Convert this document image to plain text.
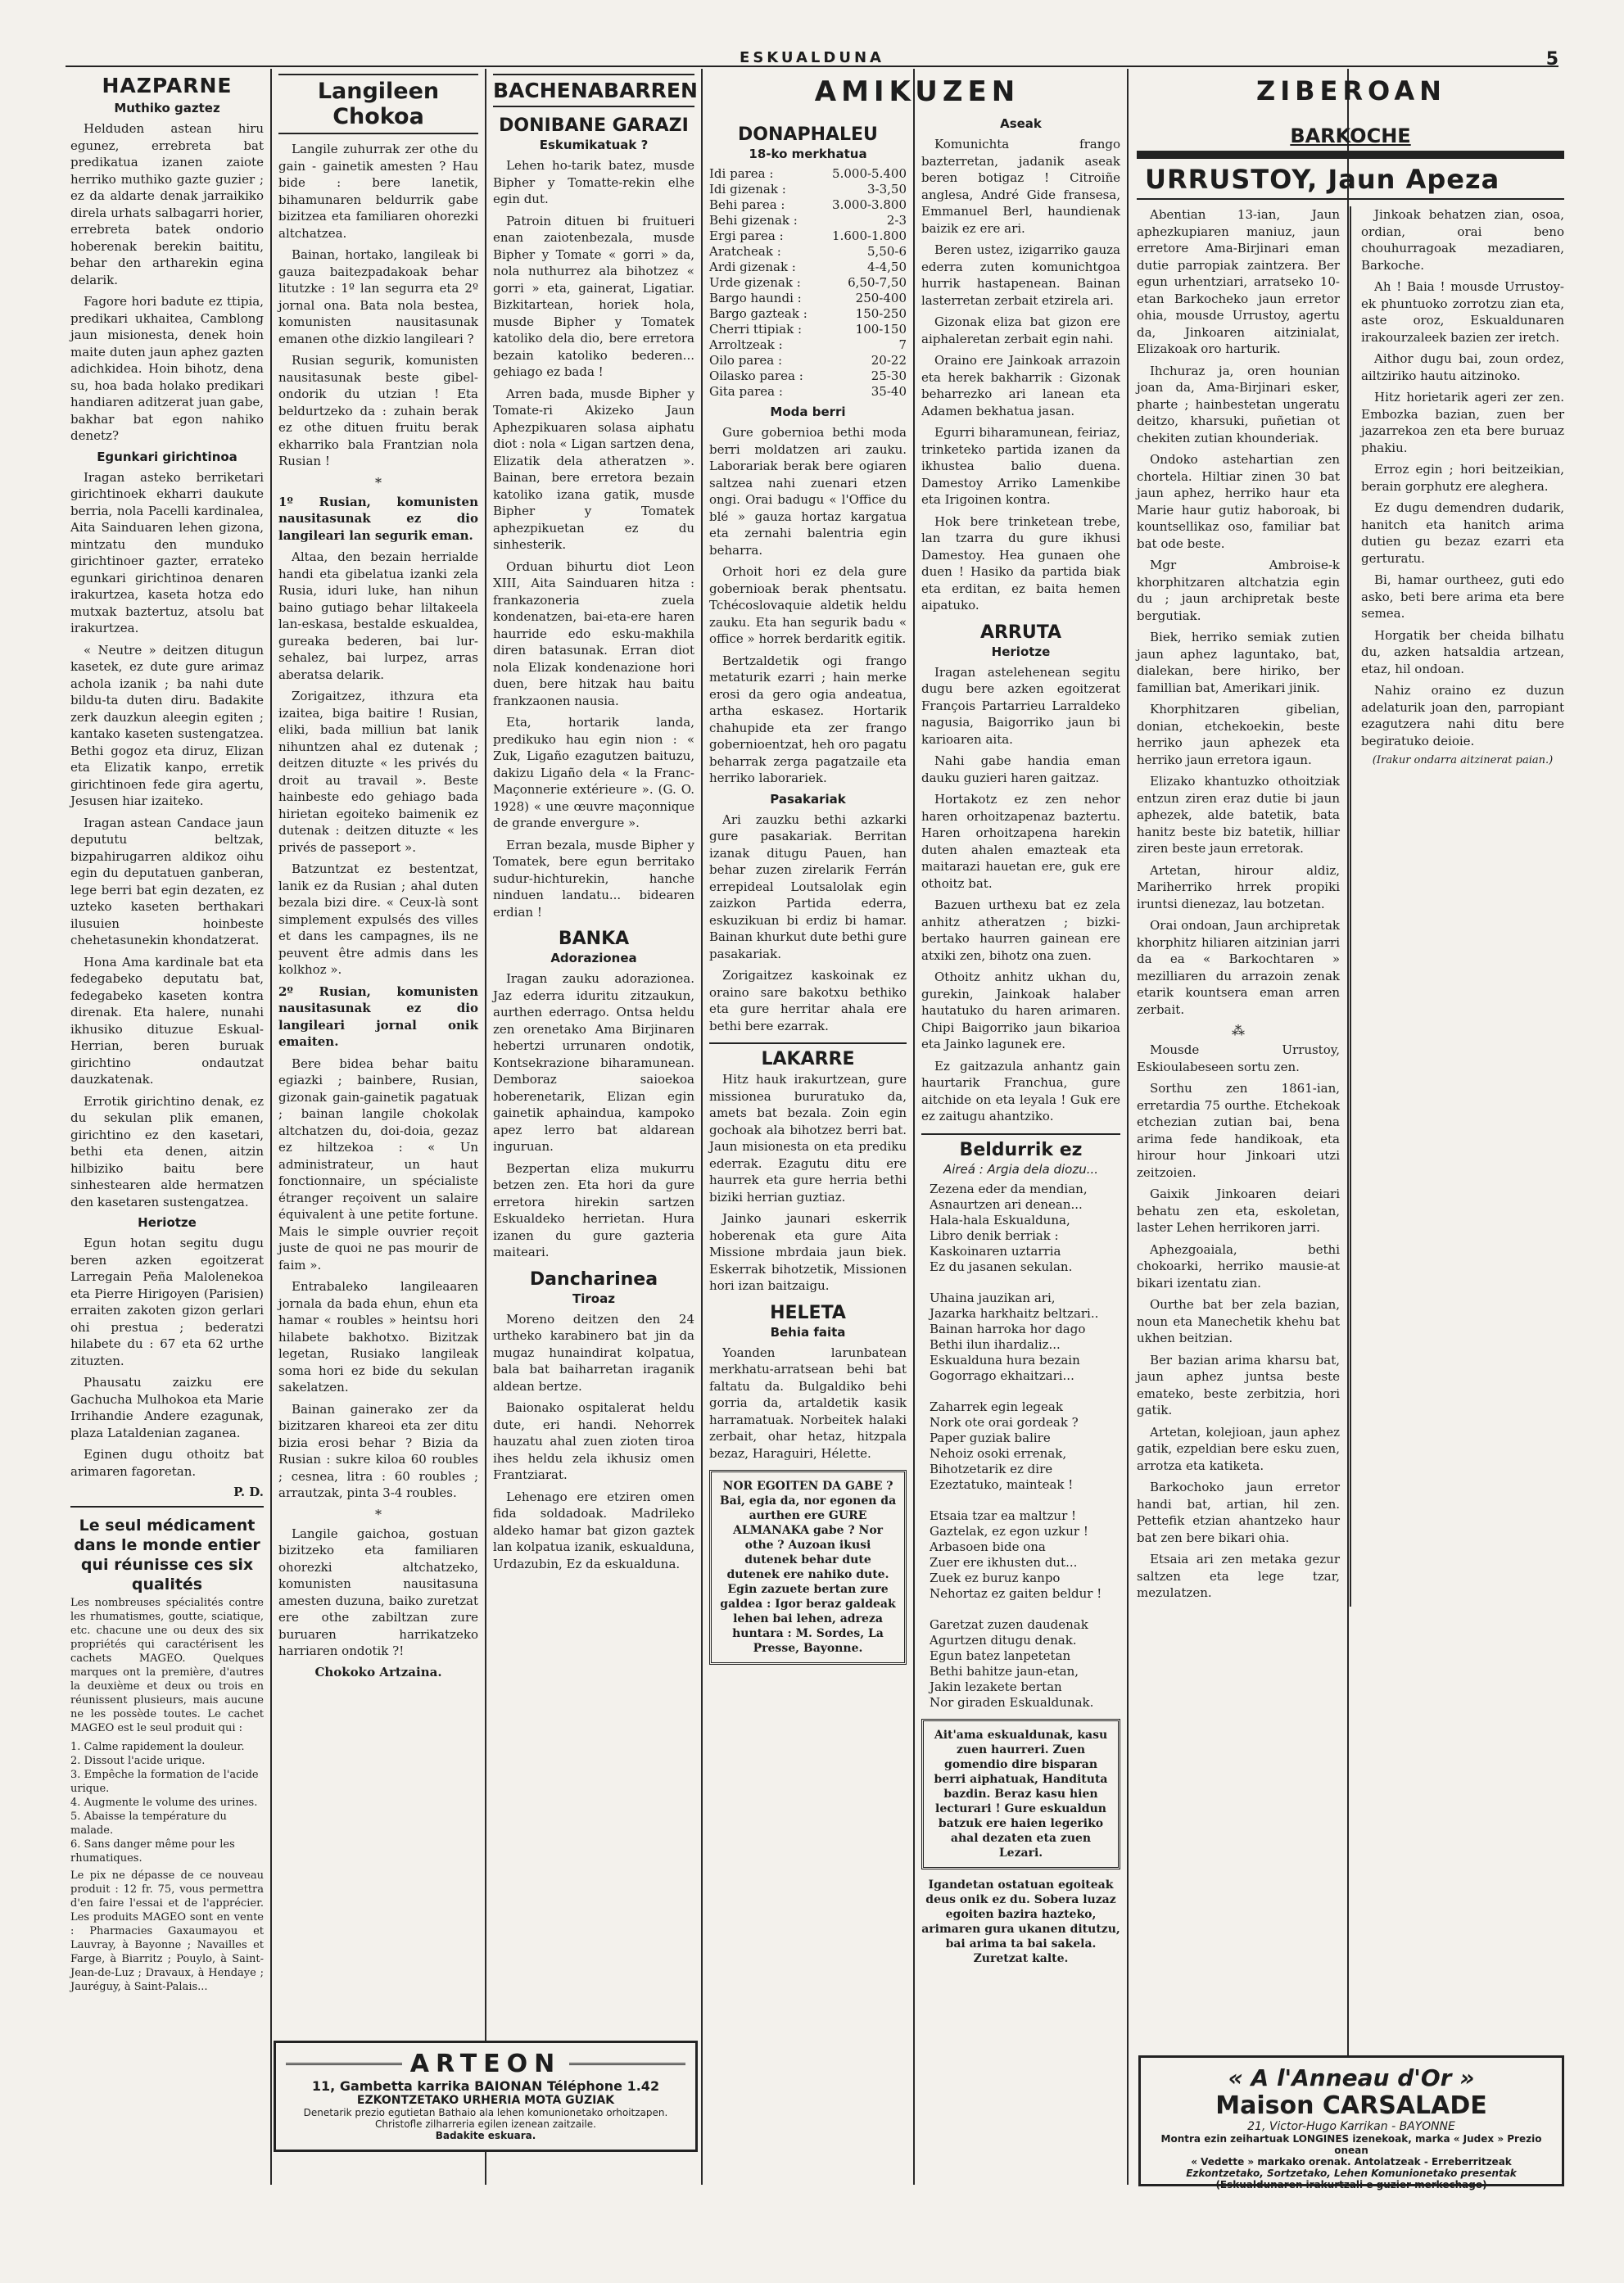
ESKUALDUNA	5
AMIKUZEN	ZIBEROAN
HAZPARNE
Muthiko gaztez

Helduden astean hiru egunez, errebreta bat predikatua izanen zaiote herriko muthiko gazte guzier ; ez da aldarte denak jarraikiko direla urhats salbagarri horier, errebreta batek ondorio hoberenak berekin baititu, behar den artharekin egina delarik.

Fagore hori badute ez ttipia, predikari ukhaitea, Camblong jaun misionesta, denek hoin maite duten jaun aphez gazten adichkidea. Hoin bihotz, dena su, hoa bada holako predikari handiaren aditzerat juan gabe, bakhar bat egon nahiko denetz?

Egunkari girichtinoa

Iragan asteko berriketari girichtinoek ekharri daukute berria, nola Pacelli kardinalea, Aita Sainduaren lehen gizona, mintzatu den munduko girichtinoer gazter, errateko egunkari girichtinoa denaren irakurtzea, kaseta hotza edo mutxak baztertuz, atsolu bat irakurtzea.

« Neutre » deitzen ditugun kasetek, ez dute gure arimaz achola izanik ; ba nahi dute bildu-ta duten diru. Badakite zerk dauzkun aleegin egiten ; kantako kaseten sustengatzea. Bethi gogoz eta diruz, Elizan eta Elizatik kanpo, erretik girichtinoen fede gira agertu, Jesusen hiar izaiteko.

Iragan astean Candace jaun depututu beltzak, bizpahirugarren aldikoz oihu egin du deputatuen ganberan, lege berri bat egin dezaten, ez uzteko kaseten berthakari ilusuien hoinbeste chehetasunekin khondatzerat.

Hona Ama kardinale bat eta fedegabeko deputatu bat, fedegabeko kaseten kontra direnak. Eta halere, nunahi ikhusiko dituzue Eskual-Herrian, beren buruak girichtino ondautzat dauzkatenak.

Errotik girichtino denak, ez du sekulan plik emanen, girichtino ez den kasetari, bethi eta denen, aitzin hilbiziko baitu bere sinhestearen alde hermatzen den kasetaren sustengatzea.

Heriotze

Egun hotan segitu dugu beren azken egoitzerat Larregain Peña Malolenekoa eta Pierre Hirigoyen (Parisien) erraiten zakoten gizon gerlari ohi prestua ; bederatzi hilabete du : 67 eta 62 urthe zituzten.

Phausatu zaizku ere Gachucha Mulhokoa eta Marie Irrihandie Andere ezagunak, plaza Lataldenian zaganea.

Eginen dugu othoitz bat arimaren fagoretan.

P. D.
Le seul médicament dans le monde entier qui réunisse ces six qualités

Les nombreuses spécialités contre les rhumatismes, goutte, sciatique, etc. chacune une ou deux des six propriétés qui caractérisent les cachets MAGEO. Quelques marques ont la première, d'autres la deuxième et deux ou trois en réunissent plusieurs, mais aucune ne les possède toutes. Le cachet MAGEO est le seul produit qui :

1. Calme rapidement la douleur.
2. Dissout l'acide urique.
3. Empêche la formation de l'acide urique.
4. Augmente le volume des urines.
5. Abaisse la température du malade.
6. Sans danger même pour les rhumatiques.

Le pix ne dépasse de ce nouveau produit : 12 fr. 75, vous permettra d'en faire l'essai et de l'apprécier. Les produits MAGEO sont en vente : Pharmacies Gaxaumayou et Lauvray, à Bayonne ; Navailles et Farge, à Biarritz ; Pouylo, à Saint-Jean-de-Luz ; Dravaux, à Hendaye ; Jauréguy, à Saint-Palais...

Langileen Chokoa

Langile zuhurrak zer othe du gain - gainetik amesten ? Hau bide : bere lanetik, bihamunaren beldurrik gabe bizitzea eta familiaren ohorezki altchatzea.

Bainan, hortako, langileak bi gauza baitezpadakoak behar litutzke : 1º lan segurra eta 2º jornal ona. Bata nola bestea, komunisten nausitasunak emanen othe dizkio langileari ?

Rusian segurik, komunisten nausitasunak beste gibel-ondorik du utzian ! Eta beldurtzeko da : zuhain berak ez othe dituen fruitu berak ekharriko bala Frantzian nola Rusian !

*

1º Rusian, komunisten nausitasunak ez dio langileari lan segurik eman.

Altaa, den bezain herrialde handi eta gibelatua izanki zela Rusia, iduri luke, han nihun baino gutiago behar liltakeela lan-eskasa, bestalde eskualdea, gureaka bederen, bai lur-sehalez, bai lurpez, arras aberatsa delarik.

Zorigaitzez, ithzura eta izaitea, biga baitire ! Rusian, eliki, bada milliun bat lanik nihuntzen ahal ez dutenak ; deitzen dituzte « les privés du droit au travail ». Beste hainbeste edo gehiago bada hirietan egoiteko baimenik ez dutenak : deitzen dituzte « les privés de passeport ».

Batzuntzat ez bestentzat, lanik ez da Rusian ; ahal duten bezala bizi dire. « Ceux-là sont simplement expulsés des villes et dans les campagnes, ils ne peuvent être admis dans les kolkhoz ».

2º Rusian, komunisten nausitasunak ez dio langileari jornal onik emaiten.

Bere bidea behar baitu egiazki ; bainbere, Rusian, gizonak gain-gainetik pagatuak ; bainan langile chokolak altchatzen du, doi-doia, gezaz ez hiltzekoa : « Un administrateur, un haut fonctionnaire, un spécialiste étranger reçoivent un salaire équivalent à une petite fortune. Mais le simple ouvrier reçoit juste de quoi ne pas mourir de faim ».

Entrabaleko langileaaren jornala da bada ehun, ehun eta hamar « roubles » heintsu hori hilabete bakhotxo. Bizitzak legetan, Rusiako langileak soma hori ez bide du sekulan sakelatzen.

Bainan gainerako zer da bizitzaren khareoi eta zer ditu bizia erosi behar ? Bizia da Rusian : sukre kiloa 60 roubles ; cesnea, litra : 60 roubles ; arrautzak, pinta 3-4 roubles.

*

Langile gaichoa, gostuan bizitzeko eta familiaren ohorezki altchatzeko, komunisten nausitasuna amesten duzuna, baiko zuretzat ere othe zabiltzan zure buruaren harrikatzeko harriaren ondotik ?!

Chokoko Artzaina.
BACHENABARREN
DONIBANE GARAZI
Eskumikatuak ?

Lehen ho-tarik batez, musde Bipher y Tomatte-rekin elhe egin dut.

Patroin dituen bi fruitueri enan zaiotenbezala, musde Bipher y Tomate « gorri » da, nola nuthurrez ala bihotzez « gorri » eta, gainerat, Ligatiar. Bizkitartean, horiek hola, musde Bipher y Tomatek katoliko dela dio, bere erretora bezain katoliko bederen... gehiago ez bada !

Arren bada, musde Bipher y Tomate-ri Akizeko Jaun Aphezpikuaren solasa aiphatu diot : nola « Ligan sartzen dena, Elizatik dela atheratzen ». Bainan, bere erretora bezain katoliko izana gatik, musde Bipher y Tomatek aphezpikuetan ez du sinhesterik.

Orduan bihurtu diot Leon XIII, Aita Sainduaren hitza : frankazoneria zuela kondenatzen, bai-eta-ere haren haurride edo esku-makhila diren batasunak. Erran diot nola Elizak kondenazione hori duen, bere hitzak hau baitu frankzaonen nausia.

Eta, hortarik landa, predikuko hau egin nion : « Zuk, Ligaño ezagutzen baituzu, dakizu Ligaño dela « la Franc-Maçonnerie extérieure ». (G. O. 1928) « une œuvre maçonnique de grande envergure ».

Erran bezala, musde Bipher y Tomatek, bere egun berritako sudur-hichturekin, hanche ninduen landatu... bidearen erdian !

BANKA
Adorazionea

Iragan zauku adorazionea. Jaz ederra iduritu zitzaukun, aurthen ederrago. Ontsa heldu zen orenetako Ama Birjinaren hebertzi urrunaren ondotik, Kontsekrazione biharamunean. Demboraz saioekoa hoberenetarik, Elizan egin gainetik aphaindua, kampoko apez lerro bat aldarean inguruan.

Bezpertan eliza mukurru betzen zen. Eta hori da gure erretora hirekin sartzen Eskualdeko herrietan. Hura izanen du gure gazteria maiteari.

Dancharinea
Tiroaz

Moreno deitzen den 24 urtheko karabinero bat jin da mugaz hunaindirat kolpatua, bala bat baiharretan iraganik aldean bertze.

Baionako ospitalerat heldu dute, eri handi. Nehorrek hauzatu ahal zuen zioten tiroa ihes heldu zela ikhusiz omen Frantziarat.

Lehenago ere etziren omen fida soldadoak. Madrileko aldeko hamar bat gizon gaztek lan kolpatua izanik, eskualduna, Urdazubin, Ez da eskualduna.

ARTEON
11, Gambetta karrika BAIONAN Téléphone 1.42
EZKONTZETAKO URHERIA MOTA GUZIAK
Denetarik prezio egutietan Bathaio ala lehen komunionetako orhoitzapen.
Christofle zilharreria egilen izenean zaitzaile.
Badakite eskuara.
DONAPHALEU
18-ko merkhatua
Idi parea :	5.000-5.400
Idi gizenak :	3-3,50
Behi parea :	3.000-3.800
Behi gizenak :	2-3
Ergi parea :	1.600-1.800
Aratcheak :	5,50-6
Ardi gizenak :	4-4,50
Urde gizenak :	6,50-7,50
Bargo haundi :	250-400
Bargo gazteak :	150-250
Cherri ttipiak :	100-150
Arroltzeak :	7
Oilo parea :	20-22
Oilasko parea :	25-30
Gita parea :	35-40
Moda berri

Gure gobernioa bethi moda berri moldatzen ari zauku. Laborariak berak bere ogiaren saltzea nahi zuenari etzen ongi. Orai badugu « l'Office du blé » gauza hortaz kargatua eta zernahi balentria egin beharra.

Orhoit hori ez dela gure gobernioak berak phentsatu. Tchécoslovaquie aldetik heldu zauku. Eta han segurik badu « office » horrek berdaritk egitik.

Bertzaldetik ogi frango metaturik ezarri ; hain merke erosi da gero ogia andeatua, artha eskasez. Hortarik chahupide eta zer frango gobernioentzat, heh oro pagatu beharrak zerga pagatzaile eta herriko laborariek.

Pasakariak

Ari zauzku bethi azkarki gure pasakariak. Berritan izanak ditugu Pauen, han behar zuzen zirelarik Ferrán errepideal Loutsalolak egin zaizkon Partida ederra, eskuzikuan bi erdiz bi hamar. Bainan khurkut dute bethi gure pasakariak.

Zorigaitzez kaskoinak ez oraino sare bakotxu bethiko eta gure herritar ahala ere bethi bere ezarrak.

LAKARRE

Hitz hauk irakurtzean, gure missionea bururatuko da, amets bat bezala. Zoin egin gochoak ala bihotzez berri bat. Jaun misionesta on eta prediku ederrak. Ezagutu ditu ere haurrek eta gure herria bethi biziki herrian guztiaz.

Jainko jaunari eskerrik hoberenak eta gure Aita Missione mbrdaia jaun biek. Eskerrak bihotzetik, Missionen hori izan baitzaigu.

HELETA
Behia faita

Yoanden larunbatean merkhatu-arratsean behi bat faltatu da. Bulgaldiko behi gorria da, artaldetik kasik harramatuak. Norbeitek halaki zerbait, ohar hetaz, hitzpala bezaz, Haraguiri, Hélette.

NOR EGOITEN DA GABE ? Bai, egia da, nor egonen da aurthen ere GURE ALMANAKA gabe ? Nor othe ? Auzoan ikusi dutenek behar dute dutenek ere nahiko dute. Egin zazuete bertan zure galdea : Igor beraz galdeak lehen bai lehen, adreza huntara : M. Sordes, La Presse, Bayonne.
Aseak

Komunichta frango bazterretan, jadanik aseak beren botigaz ! Citroiñe anglesa, André Gide fransesa, Emmanuel Berl, haundienak baizik ez ere ari.

Beren ustez, izigarriko gauza ederra zuten komunichtgoa hurrik hastapenean. Bainan lasterretan zerbait etzirela ari.

Gizonak eliza bat gizon ere aiphaleretan zerbait egin nahi.

Oraino ere Jainkoak arrazoin eta herek bakharrik : Gizonak beharrezko ari lanean eta Adamen bekhatua jasan.

Egurri biharamunean, feiriaz, trinketeko partida izanen da ikhustea balio duena. Damestoy Arriko Lamenkibe eta Irigoinen kontra.

Hok bere trinketean trebe, lan tzarra du gure ikhusi Damestoy. Hea gunaen ohe duen ! Hasiko da partida biak eta erditan, ez baita hemen aipatuko.

ARRUTA
Heriotze

Iragan astelehenean segitu dugu bere azken egoitzerat François Partarrieu Larraldeko nagusia, Baigorriko jaun bi karioaren aita.

Nahi gabe handia eman dauku guzieri haren gaitzaz.

Hortakotz ez zen nehor haren orhoitzapenaz baztertu. Haren orhoitzapena harekin duten ahalen emazteak eta maitarazi hauetan ere, guk ere othoitz bat.

Bazuen urthexu bat ez zela anhitz atheratzen ; bizki-bertako haurren gainean ere atxiki zen, bihotz ona zuen.

Othoitz anhitz ukhan du, gurekin, Jainkoak halaber hautatuko du haren arimaren. Chipi Baigorriko jaun bikarioa eta Jainko lagunek ere.

Ez gaitzazula anhantz gain haurtarik Franchua, gure aitchide on eta leyala ! Guk ere ez zaitugu ahantziko.

Beldurrik ez
Aireá : Argia dela diozu...
Zezena eder da mendian,
Asnaurtzen ari denean...
Hala-hala Eskualduna,
Libro denik berriak :
Kaskoinaren uztarria
Ez du jasanen sekulan.

Uhaina jauzikan ari,
Jazarka harkhaitz beltzari..
Bainan harroka hor dago
Bethi ilun ihardaliz...
Eskualduna hura bezain
Gogorrago ekhaitzari...

Zaharrek egin legeak
Nork ote orai gordeak ?
Paper guziak balire
Nehoiz osoki errenak,
Bihotzetarik ez dire
Ezeztatuko, mainteak !

Etsaia tzar ea maltzur !
Gaztelak, ez egon uzkur !
Arbasoen bide ona
Zuer ere ikhusten dut...
Zuek ez buruz kanpo
Nehortaz ez gaiten beldur !

Garetzat zuzen daudenak
Agurtzen ditugu denak.
Egun batez lanpetetan
Bethi bahitze jaun-etan,
Jakin lezakete bertan
Nor giraden Eskualdunak.
Ait'ama eskualdunak, kasu zuen haurreri. Zuen gomendio dire bisparan berri aiphatuak, Handituta bazdin. Beraz kasu hien lecturari ! Gure eskualdun batzuk ere haien legeriko ahal dezaten eta zuen Lezari.

Igandetan ostatuan egoiteak deus onik ez du. Sobera luzaz egoiten bazira hazteko, arimaren gura ukanen ditutzu, bai arima ta bai sakela. Zuretzat kalte.

BARKOCHE
URRUSTOY, Jaun Apeza

Abentian 13-ian, Jaun aphezkupiaren maniuz, jaun erretore Ama-Birjinari eman dutie parropiak zaintzera. Ber egun urhentziari, arratseko 10-etan Barkocheko jaun erretor ohia, mousde Urrustoy, agertu da, Jinkoaren aitzinialat, Elizakoak oro harturik.

Ihchuraz ja, oren hounian joan da, Ama-Birjinari esker, pharte ; hainbestetan ungeratu deitzo, kharsuki, puñetian ot chekiten zutian khounderiak.

Ondoko astehartian zen chortela. Hiltiar zinen 30 bat jaun aphez, herriko haur eta Marie haur gutiz haboroak, bi kountsellikaz oso, familiar bat bat ode beste.

Mgr Ambroise-k khorphitzaren altchatzia egin du ; jaun archipretak beste bergutiak.

Biek, herriko semiak zutien jaun aphez laguntako, bat, dialekan, bere hiriko, ber famillian bat, Amerikari jinik.

Khorphitzaren gibelian, donian, etchekoekin, beste herriko jaun aphezek eta herriko jaun erretora igaun.

Elizako khantuzko othoitziak entzun ziren eraz dutie bi jaun aphezek, alde batetik, bata hanitz beste biz batetik, hilliar ziren beste jaun erretorak.

Artetan, hirour aldiz, Mariherriko hrrek propiki iruntsi dienezaz, lau botzetan.

Orai ondoan, Jaun archipretak khorphitz hiliaren aitzinian jarri da ea « Barkochtaren » mezilliaren du arrazoin zenak etarik kountsera eman arren zerbait.

⁂

Mousde Urrustoy, Eskioulabeseen sortu zen.

Sorthu zen 1861-ian, erretardia 75 ourthe. Etchekoak etchezian zutian bai, bena arima fede handikoak, eta hirour hour Jinkoari utzi zeitzoien.

Gaixik Jinkoaren deiari behatu zen eta, eskoletan, laster Lehen herrikoren jarri.

Aphezgoaiala, bethi chokoarki, herriko mausie-at bikari izentatu zian.

Ourthe bat ber zela bazian, noun eta Manechetik khehu bat ukhen beitzian.

Ber bazian arima kharsu bat, jaun aphez juntsa beste emateko, beste zerbitzia, hori gatik.

Artetan, kolejioan, jaun aphez gatik, ezpeldian bere esku zuen, arrotza eta katiketa.

Barkochoko jaun erretor handi bat, artian, hil zen. Pettefik etzian ahantzeko haur bat zen bere bikari ohia.

Etsaia ari zen metaka gezur saltzen eta lege tzar, mezulatzen.

Jinkoak behatzen zian, osoa, ordian, orai beno chouhurragoak mezadiaren, Barkoche.

Ah ! Baia ! mousde Urrustoy-ek phuntuoko zorrotzu zian eta, aste oroz, Eskualdunaren irakourzaleek bazien zer iretch.

Aithor dugu bai, zoun ordez, ailtziriko hautu aitzinoko.

Hitz horietarik ageri zer zen. Embozka bazian, zuen ber jazarrekoa zen eta bere buruaz phakiu.

Erroz egin ; hori beitzeikian, berain gorphutz ere aleghera.

Ez dugu demendren dudarik, hanitch eta hanitch arima dutien gu bezaz ezarri eta gerturatu.

Bi, hamar ourtheez, guti edo asko, beti bere arima eta bere semea.

Horgatik ber cheida bilhatu du, azken hatsaldia artzean, etaz, hil ondoan.

Nahiz oraino ez duzun adelaturik joan den, parropiant ezagutzera nahi ditu bere begiratuko deioie.

(Irakur ondarra aitzinerat paian.)
« A l'Anneau d'Or »
Maison CARSALADE
21, Victor-Hugo Karrikan - BAYONNE
Montra ezin zeihartuak LONGINES izenekoak, marka « Judex » Prezio onean
« Vedette » markako orenak. Antolatzeak - Erreberritzeak
Ezkontzetako, Sortzetako, Lehen Komunionetako presentak
(Eskualdunaren irakurtzali e guzier merkechago)
